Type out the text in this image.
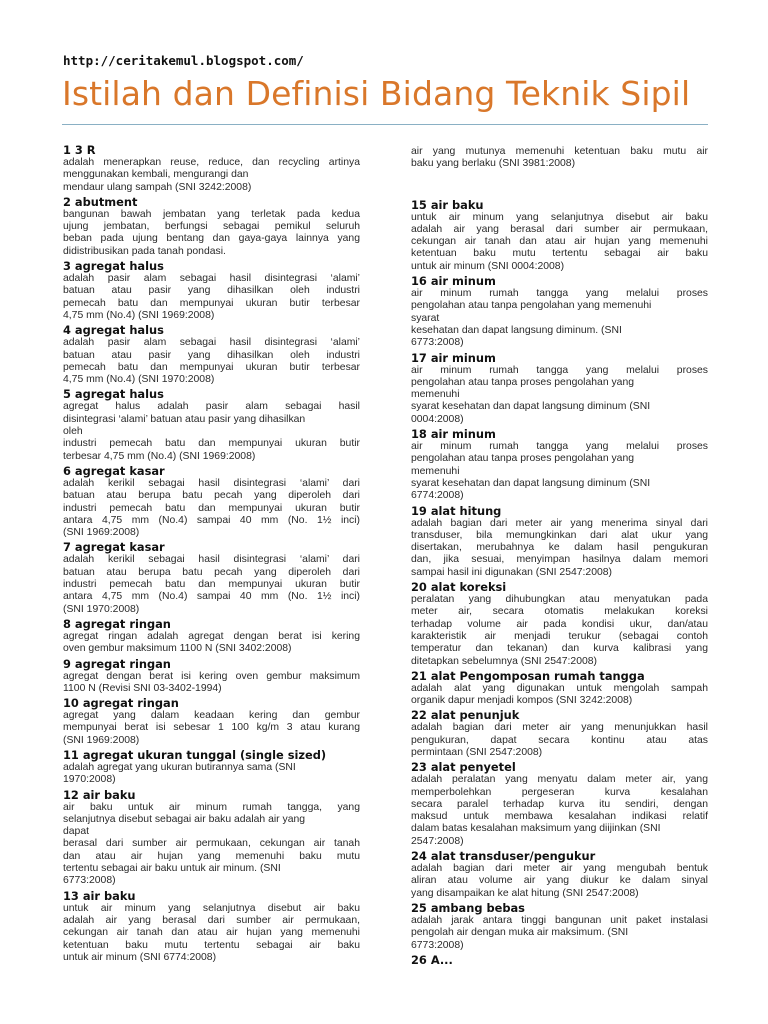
http://ceritakemul.blogspot.com/
Istilah dan Definisi Bidang Teknik Sipil
1 3 R
adalah menerapkan reuse, reduce, dan recycling artinya
menggunakan kembali, mengurangi dan
mendaur ulang sampah (SNI 3242:2008)
2 abutment
bangunan bawah jembatan yang terletak pada kedua
ujung jembatan, berfungsi sebagai pemikul seluruh
beban pada ujung bentang dan gaya-gaya lainnya yang
didistribusikan pada tanah pondasi.
3 agregat halus
adalah pasir alam sebagai hasil disintegrasi ‘alami’
batuan atau pasir yang dihasilkan oleh industri
pemecah batu dan mempunyai ukuran butir terbesar
4,75 mm (No.4) (SNI 1969:2008)
4 agregat halus
adalah pasir alam sebagai hasil disintegrasi ‘alami’
batuan atau pasir yang dihasilkan oleh industri
pemecah batu dan mempunyai ukuran butir terbesar
4,75 mm (No.4) (SNI 1970:2008)
5 agregat halus
agregat halus adalah pasir alam sebagai hasil
disintegrasi ‘alami’ batuan atau pasir yang dihasilkan
oleh
industri pemecah batu dan mempunyai ukuran butir
terbesar 4,75 mm (No.4) (SNI 1969:2008)
6 agregat kasar
adalah kerikil sebagai hasil disintegrasi ‘alami’ dari
batuan atau berupa batu pecah yang diperoleh dari
industri pemecah batu dan mempunyai ukuran butir
antara 4,75 mm (No.4) sampai 40 mm (No. 1½ inci)
(SNI 1969:2008)
7 agregat kasar
adalah kerikil sebagai hasil disintegrasi ‘alami’ dari
batuan atau berupa batu pecah yang diperoleh dari
industri pemecah batu dan mempunyai ukuran butir
antara 4,75 mm (No.4) sampai 40 mm (No. 1½ inci)
(SNI 1970:2008)
8 agregat ringan
agregat ringan adalah agregat dengan berat isi kering
oven gembur maksimum 1100 N (SNI 3402:2008)
9 agregat ringan
agregat dengan berat isi kering oven gembur maksimum
1100 N (Revisi SNI 03-3402-1994)
10 agregat ringan
agregat yang dalam keadaan kering dan gembur
mempunyai berat isi sebesar 1 100 kg/m 3 atau kurang
(SNI 1969:2008)
11 agregat ukuran tunggal (single sized)
adalah agregat yang ukuran butirannya sama (SNI
1970:2008)
12 air baku
air baku untuk air minum rumah tangga, yang
selanjutnya disebut sebagai air baku adalah air yang
dapat
berasal dari sumber air permukaan, cekungan air tanah
dan atau air hujan yang memenuhi baku mutu
tertentu sebagai air baku untuk air minum. (SNI
6773:2008)
13 air baku
untuk air minum yang selanjutnya disebut air baku
adalah air yang berasal dari sumber air permukaan,
cekungan air tanah dan atau air hujan yang memenuhi
ketentuan baku mutu tertentu sebagai air baku
untuk air minum (SNI 6774:2008)
air yang mutunya memenuhi ketentuan baku mutu air
baku yang berlaku (SNI 3981:2008)
15 air baku
untuk air minum yang selanjutnya disebut air baku
adalah air yang berasal dari sumber air permukaan,
cekungan air tanah dan atau air hujan yang memenuhi
ketentuan baku mutu tertentu sebagai air baku
untuk air minum (SNI 0004:2008)
16 air minum
air minum rumah tangga yang melalui proses
pengolahan atau tanpa pengolahan yang memenuhi
syarat
kesehatan dan dapat langsung diminum. (SNI
6773:2008)
17 air minum
air minum rumah tangga yang melalui proses
pengolahan atau tanpa proses pengolahan yang
memenuhi
syarat kesehatan dan dapat langsung diminum (SNI
0004:2008)
18 air minum
air minum rumah tangga yang melalui proses
pengolahan atau tanpa proses pengolahan yang
memenuhi
syarat kesehatan dan dapat langsung diminum (SNI
6774:2008)
19 alat hitung
adalah bagian dari meter air yang menerima sinyal dari
transduser, bila memungkinkan dari alat ukur yang
disertakan, merubahnya ke dalam hasil pengukuran
dan, jika sesuai, menyimpan hasilnya dalam memori
sampai hasil ini digunakan (SNI 2547:2008)
20 alat koreksi
peralatan yang dihubungkan atau menyatukan pada
meter air, secara otomatis melakukan koreksi
terhadap volume air pada kondisi ukur, dan/atau
karakteristik air menjadi terukur (sebagai contoh
temperatur dan tekanan) dan kurva kalibrasi yang
ditetapkan sebelumnya (SNI 2547:2008)
21 alat Pengomposan rumah tangga
adalah alat yang digunakan untuk mengolah sampah
organik dapur menjadi kompos (SNI 3242:2008)
22 alat penunjuk
adalah bagian dari meter air yang menunjukkan hasil
pengukuran, dapat secara kontinu atau atas
permintaan (SNI 2547:2008)
23 alat penyetel
adalah peralatan yang menyatu dalam meter air, yang
memperbolehkan pergeseran kurva kesalahan
secara paralel terhadap kurva itu sendiri, dengan
maksud untuk membawa kesalahan indikasi relatif
dalam batas kesalahan maksimum yang diijinkan (SNI
2547:2008)
24 alat transduser/pengukur
adalah bagian dari meter air yang mengubah bentuk
aliran atau volume air yang diukur ke dalam sinyal
yang disampaikan ke alat hitung (SNI 2547:2008)
25 ambang bebas
adalah jarak antara tinggi bangunan unit paket instalasi
pengolah air dengan muka air maksimum. (SNI
6773:2008)
26 A...
